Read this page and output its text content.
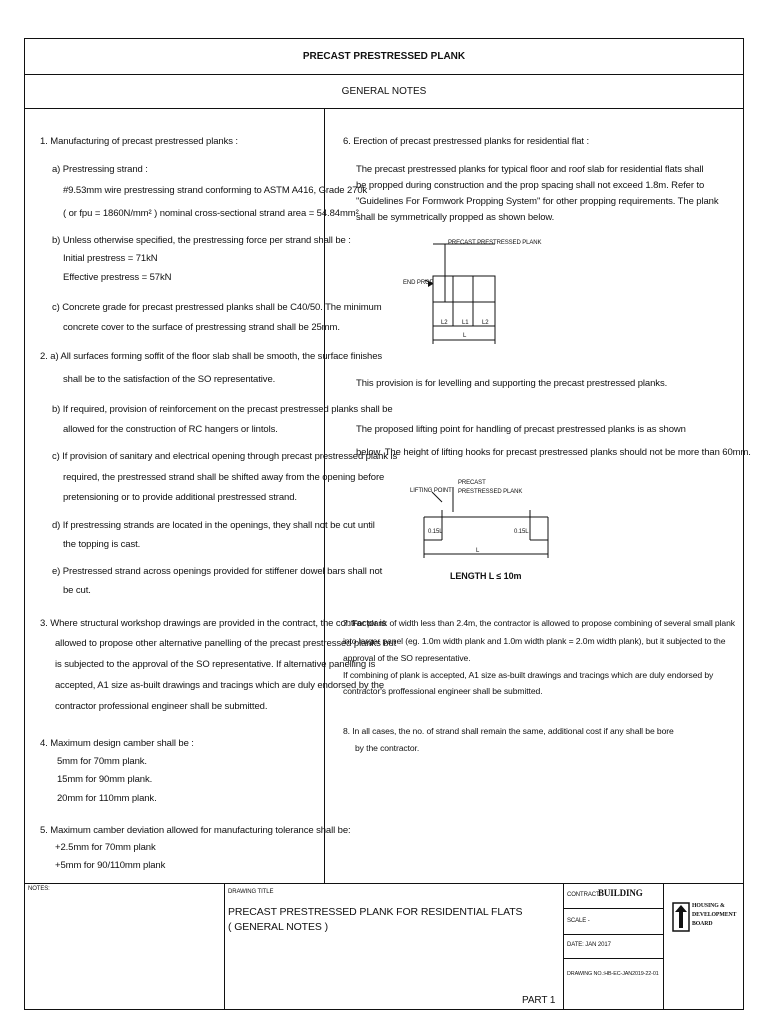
PRECAST PRESTRESSED PLANK
GENERAL NOTES
1. Manufacturing of precast prestressed planks :
a) Prestressing strand :
#9.53mm wire prestressing strand conforming to ASTM A416, Grade 270k
( or fpu = 1860N/mm² ) nominal cross-sectional strand area = 54.84mm²
b) Unless otherwise specified, the prestressing force per strand shall be :
Initial prestress = 71kN
Effective prestress = 57kN
c) Concrete grade for precast prestressed planks shall be C40/50. The minimum
concrete cover to the surface of prestressing strand shall be 25mm.
2. a) All surfaces forming soffit of the floor slab shall be smooth, the surface finishes
shall be to the satisfaction of the SO representative.
b) If required, provision of reinforcement on the precast prestressed planks shall be
allowed for the construction of RC hangers or lintols.
c) If provision of sanitary and electrical opening through precast prestressed plank is
required, the prestressed strand shall be shifted away from the opening before
pretensioning or to provide additional prestressed strand.
d) If prestressing strands are located in the openings, they shall not be cut until
the topping is cast.
e) Prestressed strand across openings provided for stiffener dowel bars shall not
be cut.
3. Where structural workshop drawings are provided in the contract, the contractor is
allowed to propose other alternative panelling of the precast prestressed planks but
is subjected to the approval of the SO representative. If alternative panelling is
accepted, A1 size as-built drawings and tracings which are duly endorsed by the
contractor professional engineer shall be submitted.
4. Maximum design camber shall be :
5mm for 70mm plank.
15mm for 90mm plank.
20mm for 110mm plank.
5. Maximum camber deviation allowed for manufacturing tolerance shall be:
+2.5mm for 70mm plank
+5mm for 90/110mm plank
6. Erection of precast prestressed planks for residential flat :
The precast prestressed planks for typical floor and roof slab for residential flats shall
be propped during construction and the prop spacing shall not exceed 1.8m. Refer to
"Guidelines For Formwork Propping System" for other propping requirements. The plank
shall be symmetrically propped as shown below.
This provision is for levelling and supporting the precast prestressed planks.
The proposed lifting point for handling of precast prestressed planks is as shown
below. The height of lifting hooks for precast prestressed planks should not be more than 60mm.
7. For plank of width less than 2.4m, the contractor is allowed to propose combining of several small plank
into larger panel (eg. 1.0m width plank and 1.0m width plank = 2.0m width plank), but it subjected to the
approval of the SO representative.
If combining of plank is accepted, A1 size as-built drawings and tracings which are duly endorsed by
contractor's proffessional engineer shall be submitted.
8. In all cases, the no. of strand shall remain the same, additional cost if any shall be bore
by the contractor.
PRECAST PRESTRESSED PLANK
END PROP
L2 L1 L2
L
LIFTING POINT
PRECAST
PRESTRESSED PLANK
0.15L	0.15L
L
LENGTH L ≤ 10m
NOTES:	DRAWING TITLE
PRECAST PRESTRESSED PLANK FOR RESIDENTIAL FLATS
( GENERAL NOTES )
PART 1
CONTRACT:
BUILDING
SCALE -
DATE: JAN 2017
DRAWING NO.:HB-EC-JAN2019-22-01
HOUSING &
DEVELOPMENT
BOARD
